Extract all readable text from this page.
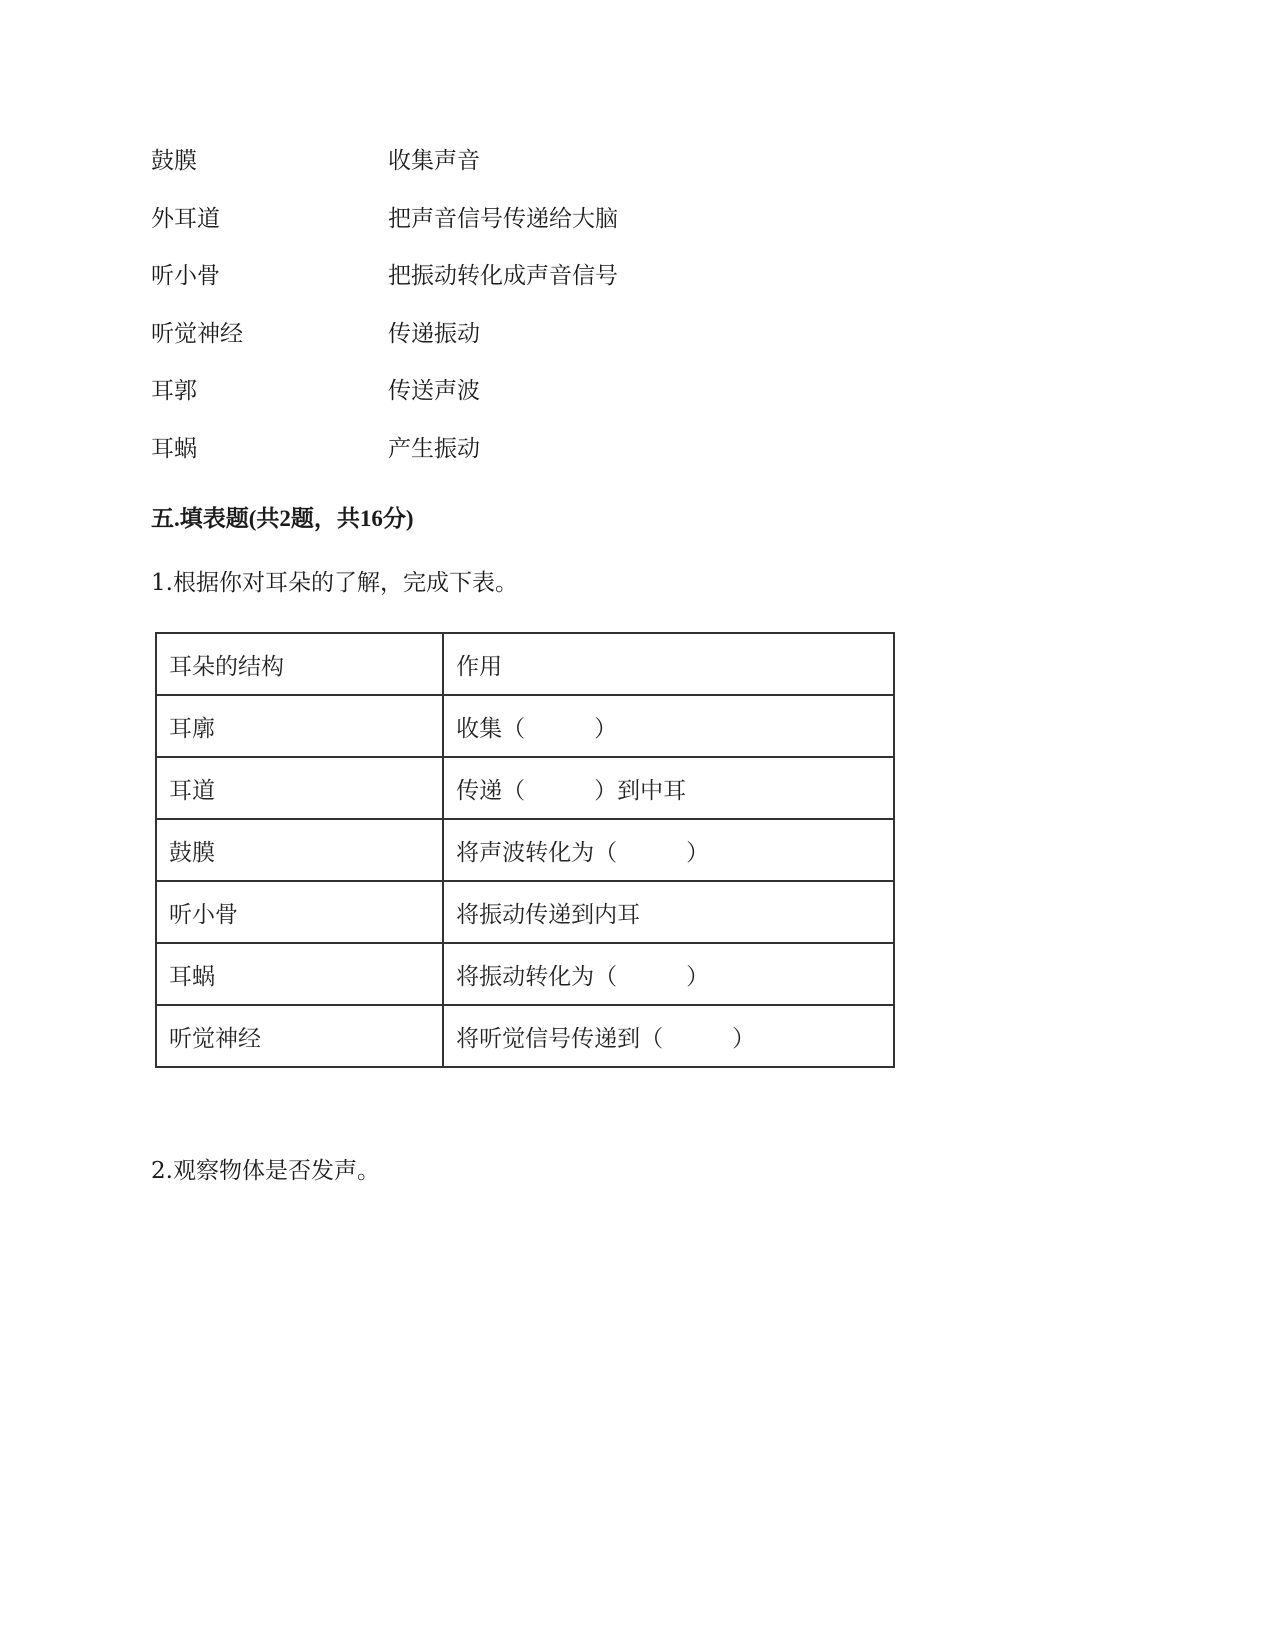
鼓膜	收集声音
外耳道	把声音信号传递给大脑
听小骨	把振动转化成声音信号
听觉神经	传递振动
耳郭	传送声波
耳蜗	产生振动
五.填表题(共2题，共16分)
1.根据你对耳朵的了解，完成下表。
耳朵的结构	作用
耳廓	收集（　　　）
耳道	传递（　　　）到中耳
鼓膜	将声波转化为（　　　）
听小骨	将振动传递到内耳
耳蜗	将振动转化为（　　　）
听觉神经	将听觉信号传递到（　　　）
2.观察物体是否发声。
